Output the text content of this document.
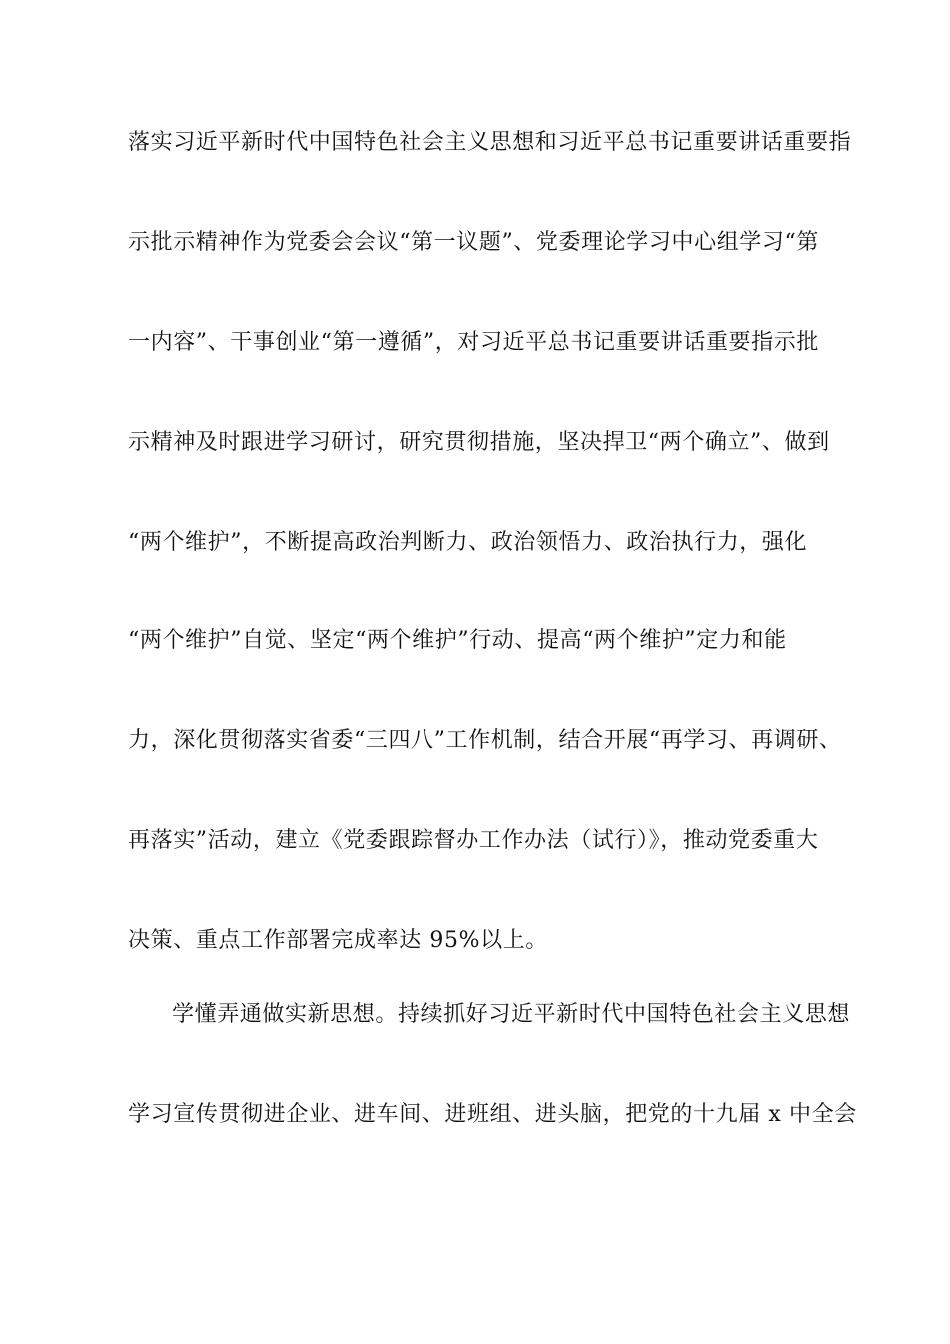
落实习近平新时代中国特色社会主义思想和习近平总书记重要讲话重要指
示批示精神作为党委会会议“第一议题”、党委理论学习中心组学习“第
一内容”、干事创业“第一遵循”，对习近平总书记重要讲话重要指示批
示精神及时跟进学习研讨，研究贯彻措施，坚决捍卫“两个确立”、做到
“两个维护”，不断提高政治判断力、政治领悟力、政治执行力，强化
“两个维护”自觉、坚定“两个维护”行动、提高“两个维护”定力和能
力，深化贯彻落实省委“三四八”工作机制，结合开展“再学习、再调研、
再落实”活动，建立《党委跟踪督办工作办法（试行）》，推动党委重大
决策、重点工作部署完成率达 95%以上。
学懂弄通做实新思想。持续抓好习近平新时代中国特色社会主义思想
学习宣传贯彻进企业、进车间、进班组、进头脑，把党的十九届 x 中全会
